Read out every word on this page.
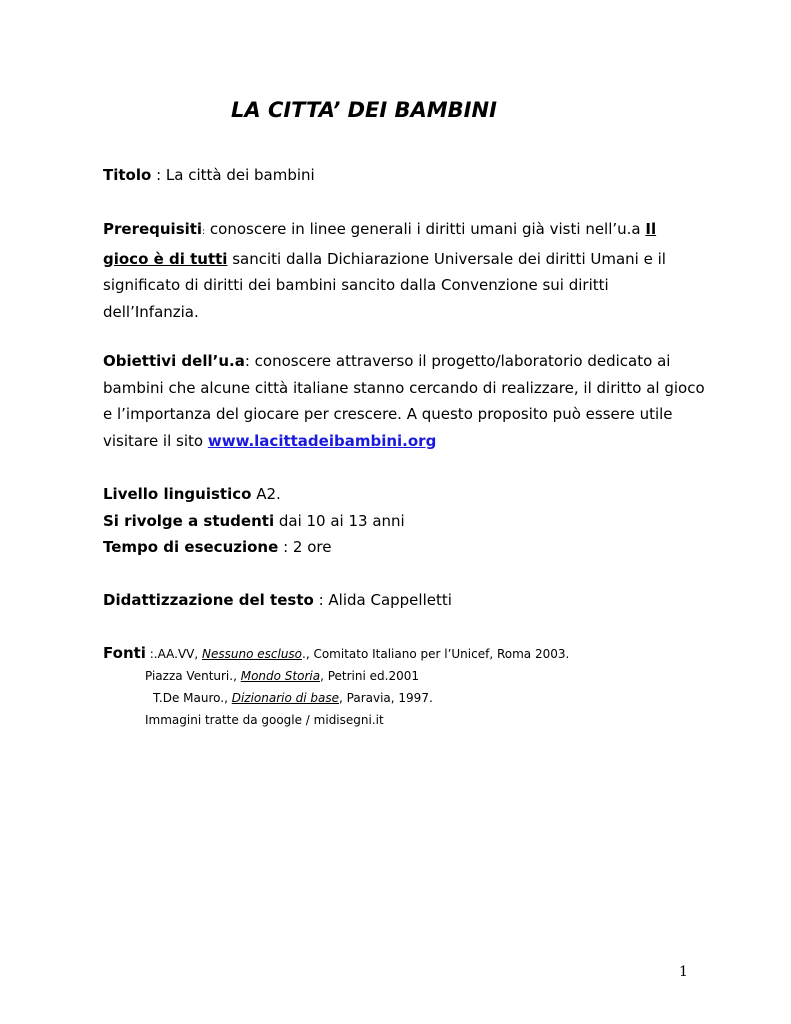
LA CITTA’ DEI BAMBINI

Titolo : La città dei bambini

Prerequisiti: conoscere in linee generali i diritti umani già visti nell’u.a Il
gioco è di tutti sanciti dalla Dichiarazione Universale dei diritti Umani e il
significato di diritti dei bambini sancito dalla Convenzione sui diritti
dell’Infanzia.

Obiettivi dell’u.a: conoscere attraverso il progetto/laboratorio dedicato ai
bambini che alcune città italiane stanno cercando di realizzare, il diritto al gioco
e l’importanza del giocare per crescere. A questo proposito può essere utile
visitare il sito www.lacittadeibambini.org

Livello linguistico A2.
Si rivolge a studenti dai 10 ai 13 anni
Tempo di esecuzione : 2 ore

Didattizzazione del testo : Alida Cappelletti

Fonti :.AA.VV, Nessuno escluso., Comitato Italiano per l’Unicef, Roma 2003.
Piazza Venturi., Mondo Storia, Petrini ed.2001
T.De Mauro., Dizionario di base, Paravia, 1997.
Immagini tratte da google / midisegni.it
1
